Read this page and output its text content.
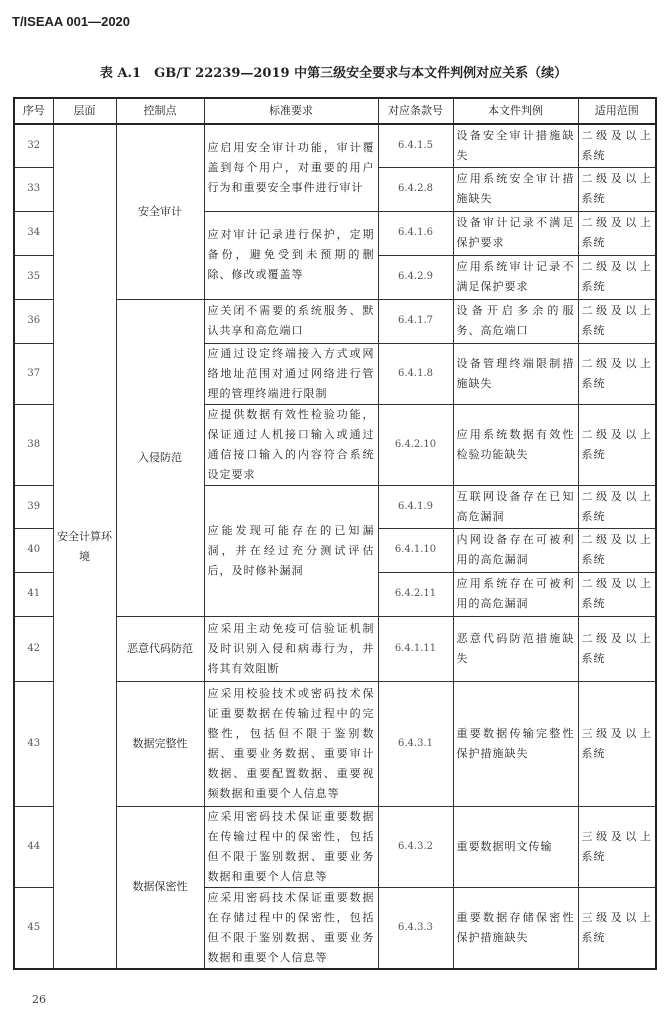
T/ISEAA 001—2020
表 A.1　GB/T 22239—2019 中第三级安全要求与本文件判例对应关系（续）
序号	层面	控制点	标准要求	对应条款号	本文件判例	适用范围
32	安全计算环境	安全审计	应启用安全审计功能，审计覆盖到每个用户，对重要的用户行为和重要安全事件进行审计	6.4.1.5	设备安全审计措施缺失	二级及以上系统
33				6.4.2.8	应用系统安全审计措施缺失	二级及以上系统
34			应对审计记录进行保护，定期备份，避免受到未预期的删除、修改或覆盖等	6.4.1.6	设备审计记录不满足保护要求	二级及以上系统
35				6.4.2.9	应用系统审计记录不满足保护要求	二级及以上系统
36		入侵防范	应关闭不需要的系统服务、默认共享和高危端口	6.4.1.7	设备开启多余的服务、高危端口	二级及以上系统
37			应通过设定终端接入方式或网络地址范围对通过网络进行管理的管理终端进行限制	6.4.1.8	设备管理终端限制措施缺失	二级及以上系统
38			应提供数据有效性检验功能，保证通过人机接口输入或通过通信接口输入的内容符合系统设定要求	6.4.2.10	应用系统数据有效性检验功能缺失	二级及以上系统
39			应能发现可能存在的已知漏洞，并在经过充分测试评估后，及时修补漏洞	6.4.1.9	互联网设备存在已知高危漏洞	二级及以上系统
40				6.4.1.10	内网设备存在可被利用的高危漏洞	二级及以上系统
41				6.4.2.11	应用系统存在可被利用的高危漏洞	二级及以上系统
42		恶意代码防范	应采用主动免疫可信验证机制及时识别入侵和病毒行为，并将其有效阻断	6.4.1.11	恶意代码防范措施缺失	二级及以上系统
43		数据完整性	应采用校验技术或密码技术保证重要数据在传输过程中的完整性，包括但不限于鉴别数据、重要业务数据、重要审计数据、重要配置数据、重要视频数据和重要个人信息等	6.4.3.1	重要数据传输完整性保护措施缺失	三级及以上系统
44		数据保密性	应采用密码技术保证重要数据在传输过程中的保密性，包括但不限于鉴别数据、重要业务数据和重要个人信息等	6.4.3.2	重要数据明文传输	三级及以上系统
45			应采用密码技术保证重要数据在存储过程中的保密性，包括但不限于鉴别数据、重要业务数据和重要个人信息等	6.4.3.3	重要数据存储保密性保护措施缺失	三级及以上系统
26
